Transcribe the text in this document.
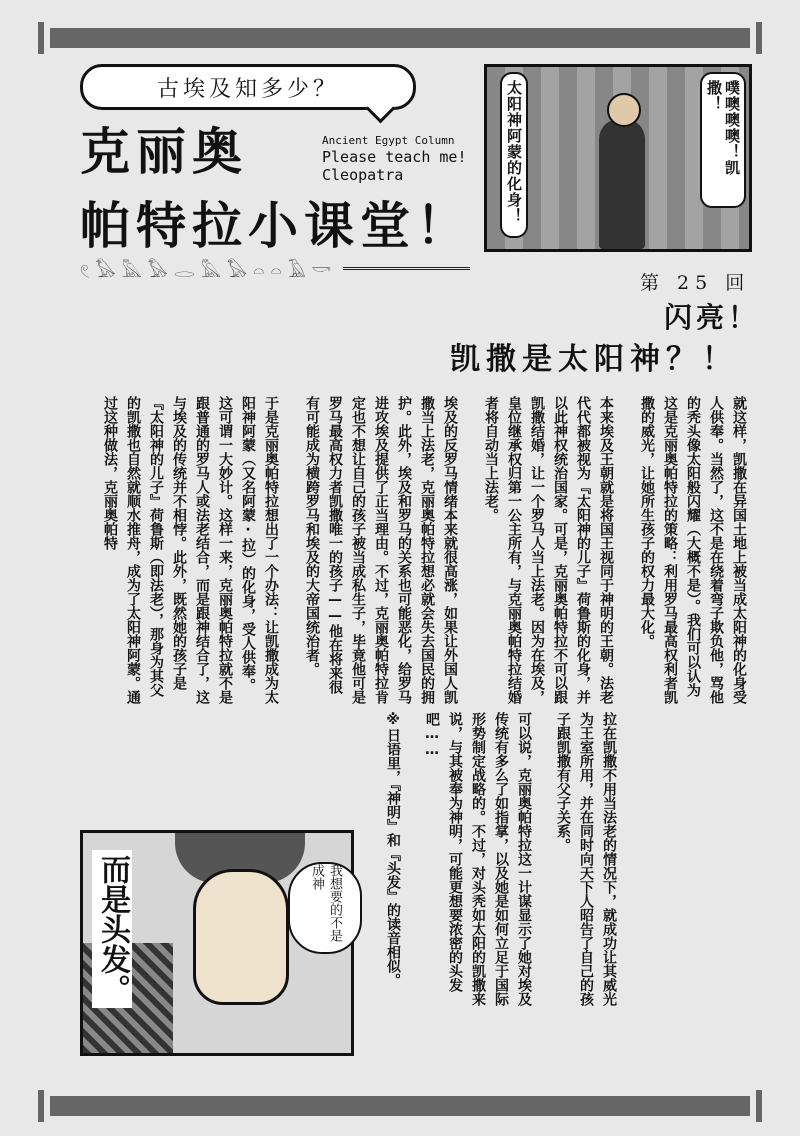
古埃及知多少？
克丽奥
帕特拉小课堂！
Ancient Egypt Column
Please teach me!
Cleopatra
𓏲𓅃𓅓𓅃𓂋𓅓𓅃𓏏𓏏𓄿𓎡
太阳神阿蒙的化身！	噗噢噢噢！凯撒！
第 25 回
闪亮！
凯撒是太阳神？！
就这样，凯撒在异国土地上被当成太阳神的化身受人供奉。当然了，这不是在绕着弯子欺负他，骂他的秃头像太阳般闪耀（大概不是）。我们可以认为这是克丽奥帕特拉的策略：利用罗马最高权利者凯撒的威光，让她所生孩子的权力最大化。
本来埃及王朝就是将国王视同于神明的王朝。法老代代都被视为『太阳神的儿子』荷鲁斯的化身，并以此神权统治国家。可是，克丽奥帕特拉不可以跟凯撒结婚，让一个罗马人当上法老。因为在埃及，皇位继承权归第一公主所有，与克丽奥帕特拉结婚者将自动当上法老。
埃及的反罗马情绪本来就很高涨，如果让外国人凯撒当上法老，克丽奥帕特拉想必就会失去国民的拥护。此外，埃及和罗马的关系也可能恶化，给罗马进攻埃及提供了正当理由。不过，克丽奥帕特拉肯定也不想让自己的孩子被当成私生子，毕竟他可是罗马最高权力者凯撒唯一的孩子——他在将来很有可能成为横跨罗马和埃及的大帝国统治者。
于是克丽奥帕特拉想出了一个办法：让凯撒成为太阳神阿蒙（又名阿蒙·拉）的化身，受人供奉。这可谓一大妙计。这样一来，克丽奥帕特拉就不是跟普通的罗马人或法老结合，而是跟神结合了，这与埃及的传统并不相悖。此外，既然她的孩子是『太阳神的儿子』荷鲁斯（即法老），那身为其父的凯撒也自然就顺水推舟，成为了太阳神阿蒙。通过这种做法，克丽奥帕特
拉在凯撒不用当法老的情况下，就成功让其威光为王室所用，并在同时向天下人昭告了自己的孩子跟凯撒有父子关系。
可以说，克丽奥帕特拉这一计谋显示了她对埃及传统有多么了如指掌，以及她是如何立足于国际形势制定战略的。不过，对头秃如太阳的凯撒来说，与其被奉为神明，可能更想要浓密的头发吧……
※日语里，『神明』和『头发』的读音相似。
我想要的不是成神
而是头发。
